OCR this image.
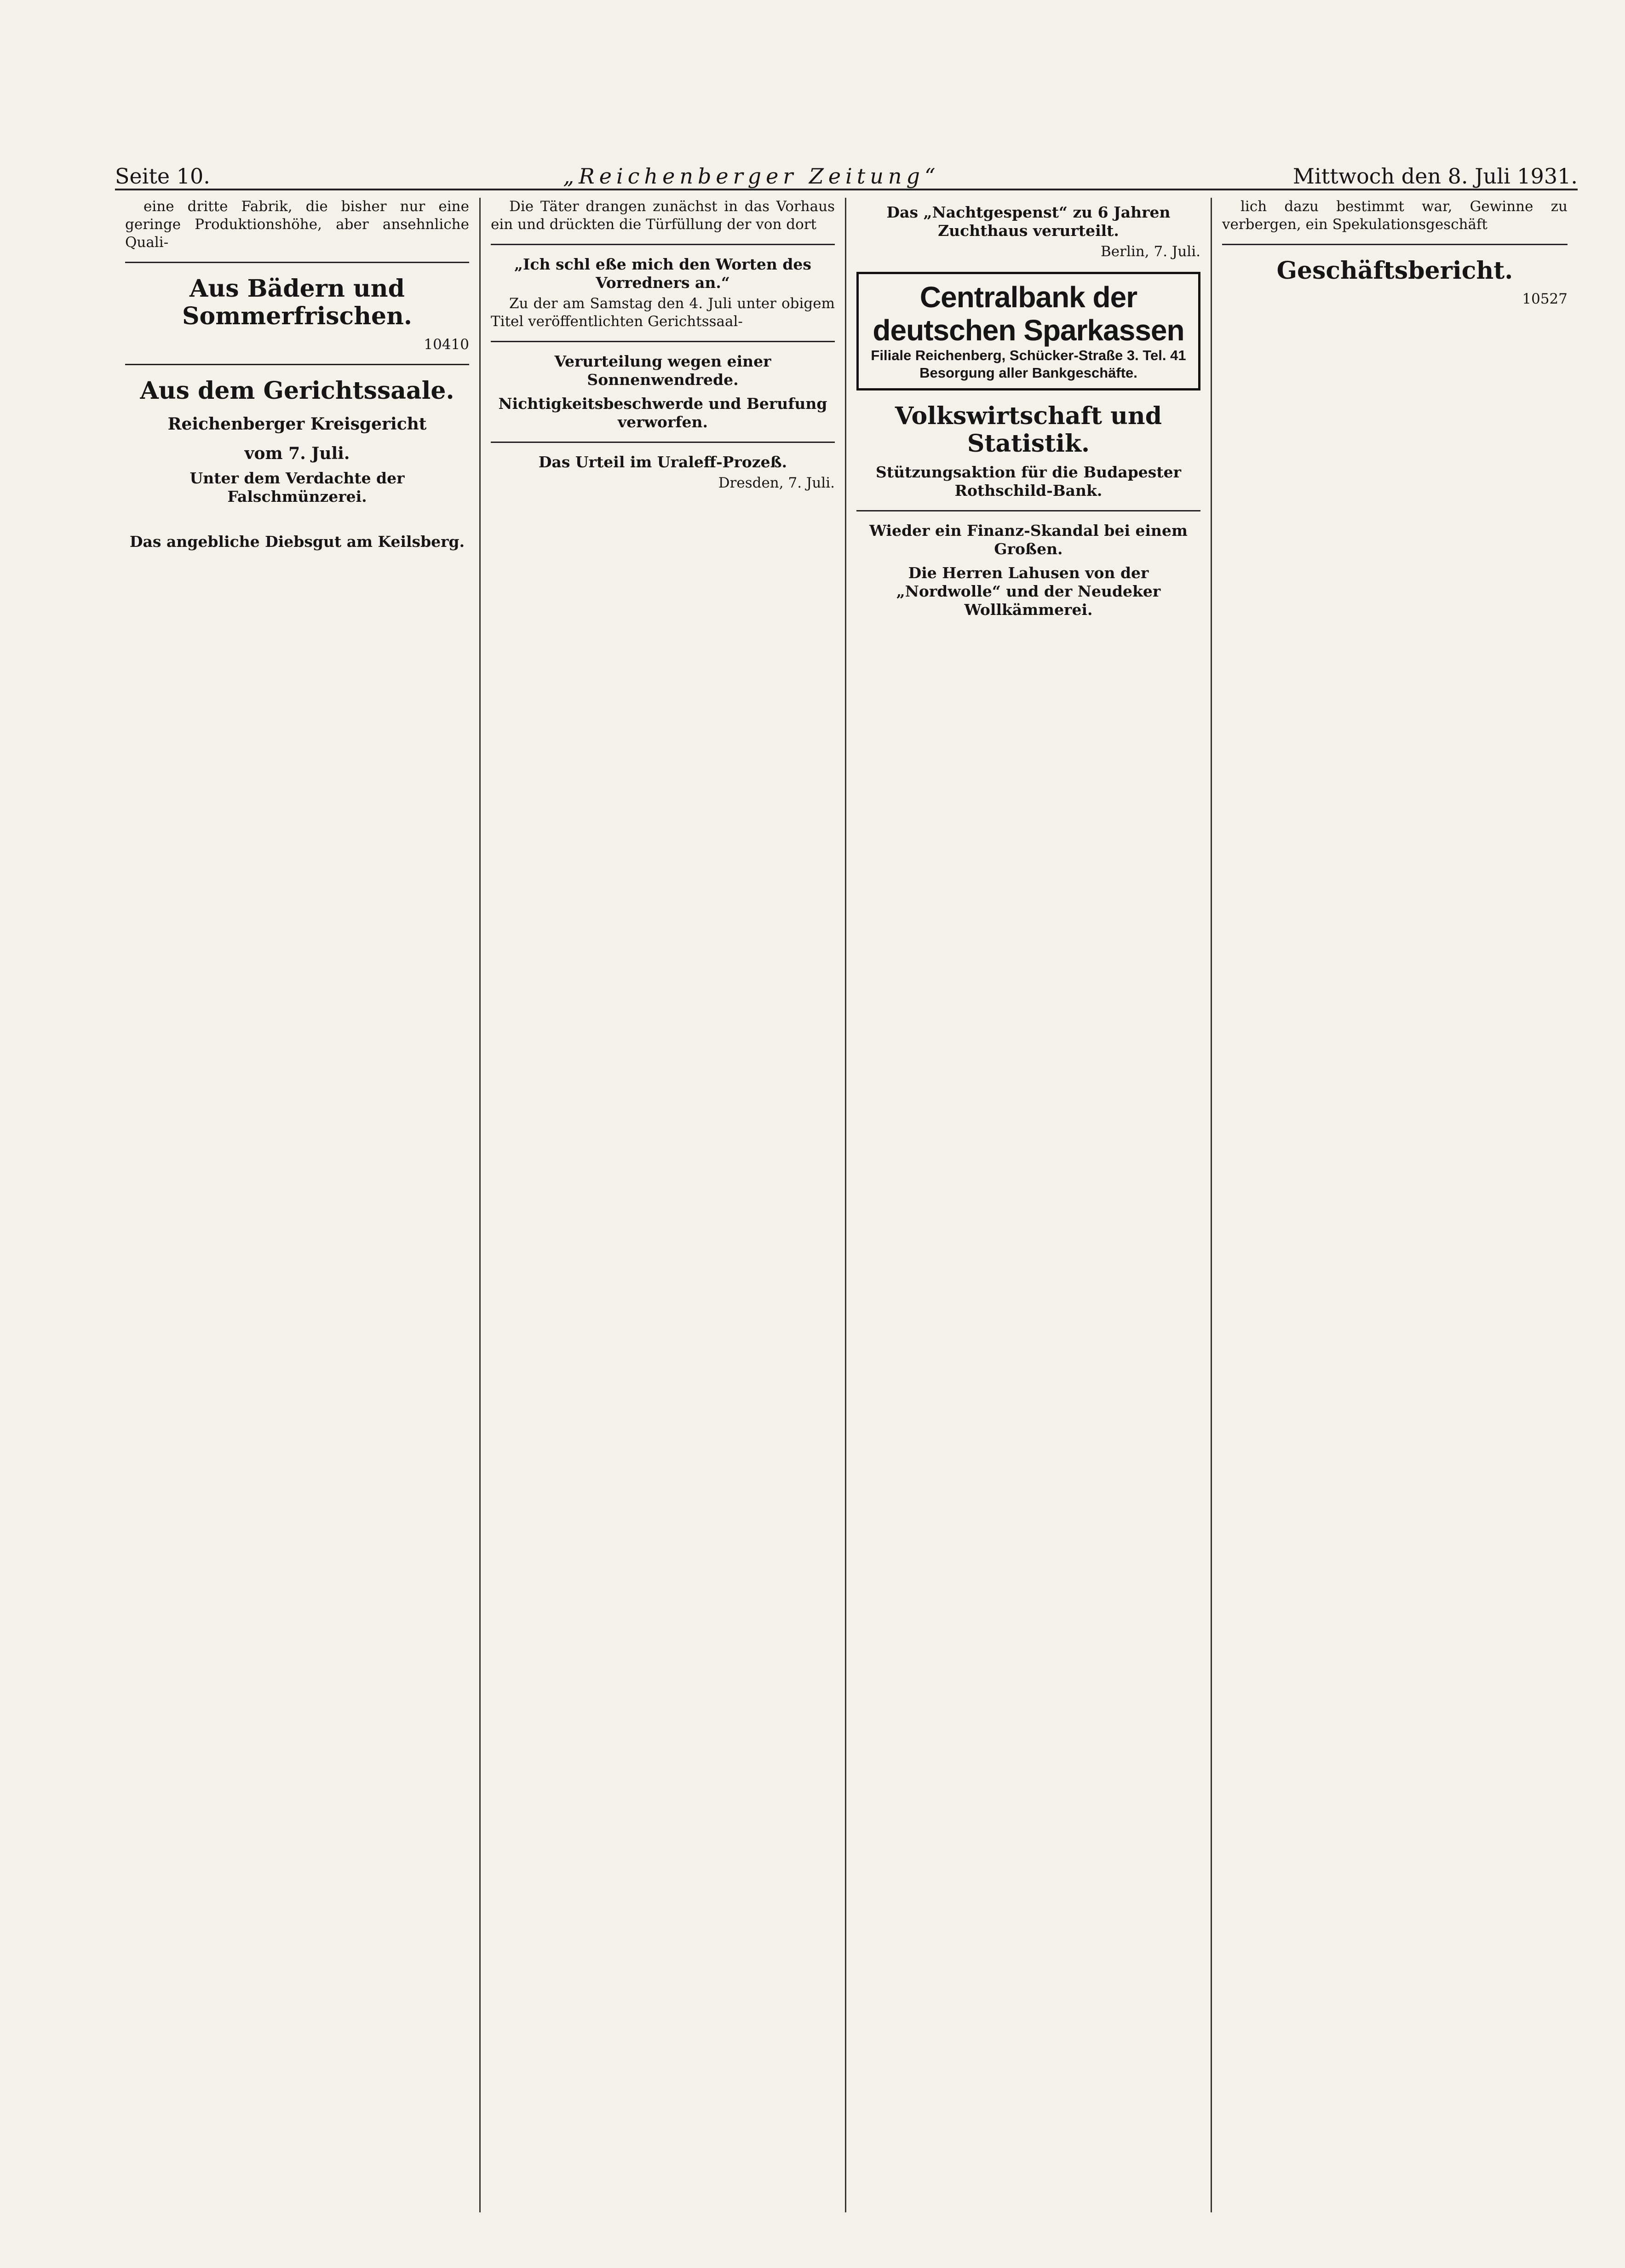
Seite 10.	„Reichenberger Zeitung“	Mittwoch den 8. Juli 1931.

eine dritte Fabrik, die bisher nur eine geringe Produktionshöhe, aber ansehnliche Quali-

Aus Bädern und Sommerfrischen.
10410
Aus dem Gerichtssaale.
Reichenberger Kreisgericht
vom 7. Juli.
Unter dem Verdachte der Falschmünzerei.
Das angebliche Diebsgut am Keilsberg.

Die Täter drangen zunächst in das Vorhaus ein und drückten die Türfüllung der von dort

„Ich schl eße mich den Worten des Vorredners an.“

Zu der am Samstag den 4. Juli unter obigem Titel veröffentlichten Gerichtssaal-

Verurteilung wegen einer Sonnenwendrede.
Nichtigkeitsbeschwerde und Berufung verworfen.
Das Urteil im Uraleff-Prozeß.

Dresden, 7. Juli.

Das „Nachtgespenst“ zu 6 Jahren Zuchthaus verurteilt.

Berlin, 7. Juli.

Centralbank der deutschen Sparkassen
Filiale Reichenberg, Schücker-Straße 3. Tel. 41
Besorgung aller Bankgeschäfte.
Volkswirtschaft und Statistik.
Stützungsaktion für die Budapester Rothschild-Bank.
Wieder ein Finanz-Skandal bei einem Großen.
Die Herren Lahusen von der „Nordwolle“ und der Neudeker Wollkämmerei.

lich dazu bestimmt war, Gewinne zu verbergen, ein Spekulationsgeschäft

Geschäftsbericht.
10527
